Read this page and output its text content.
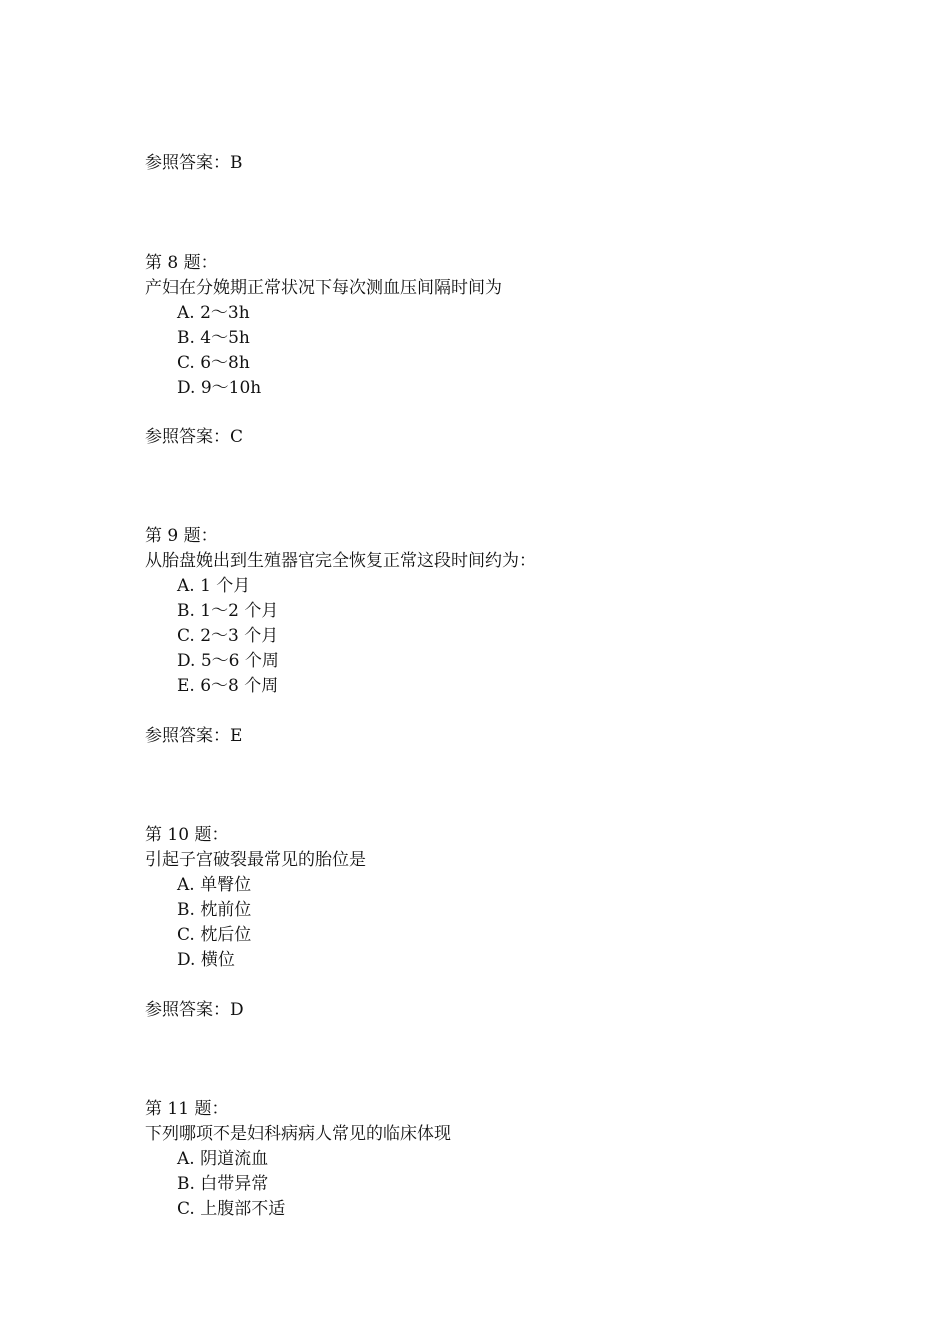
参照答案：B
第 8 题：
产妇在分娩期正常状况下每次测血压间隔时间为
A. 2～3h
B. 4～5h
C. 6～8h
D. 9～10h
参照答案：C
第 9 题：
从胎盘娩出到生殖器官完全恢复正常这段时间约为：
A. 1 个月
B. 1～2 个月
C. 2～3 个月
D. 5～6 个周
E. 6～8 个周
参照答案：E
第 10 题：
引起子宫破裂最常见的胎位是
A. 单臀位
B. 枕前位
C. 枕后位
D. 横位
参照答案：D
第 11 题：
下列哪项不是妇科病病人常见的临床体现
A. 阴道流血
B. 白带异常
C. 上腹部不适
